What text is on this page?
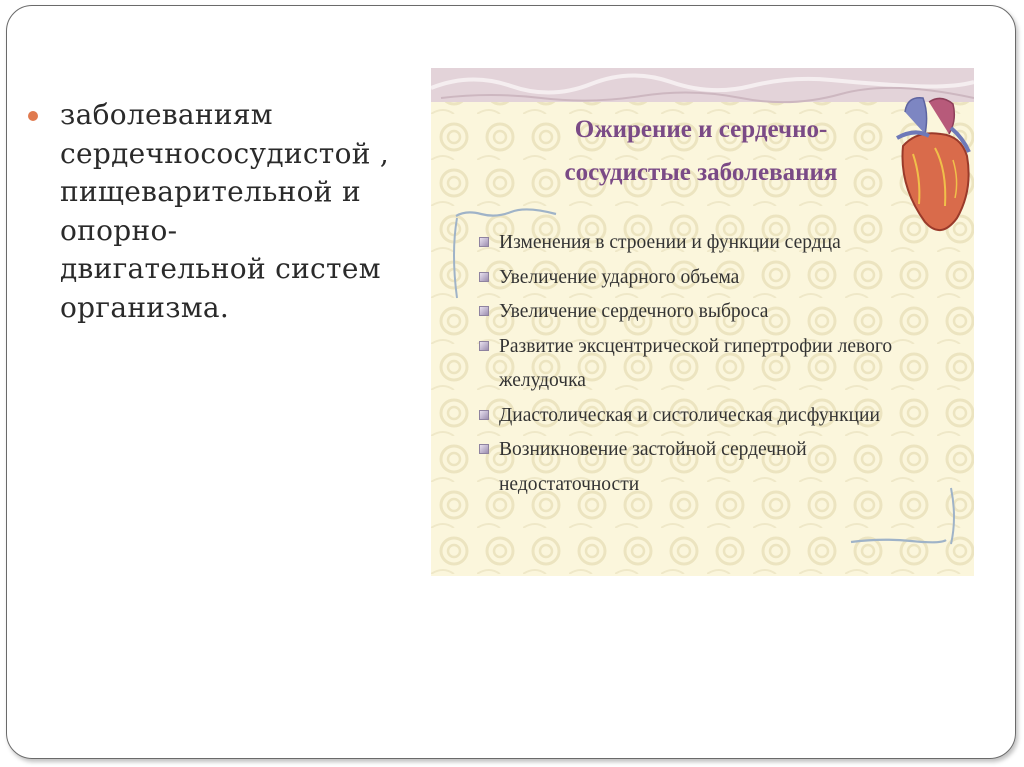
заболеваниям
сердечнососудистой ,
пищеварительной и
опорно-
двигательной систем
организма.
Ожирение и сердечно-
сосудистые заболевания
Изменения в строении и функции сердца
Увеличение ударного объема
Увеличение сердечного выброса
Развитие эксцентрической гипертрофии левого
желудочка
Диастолическая и систолическая дисфункции
Возникновение застойной сердечной
недостаточности
